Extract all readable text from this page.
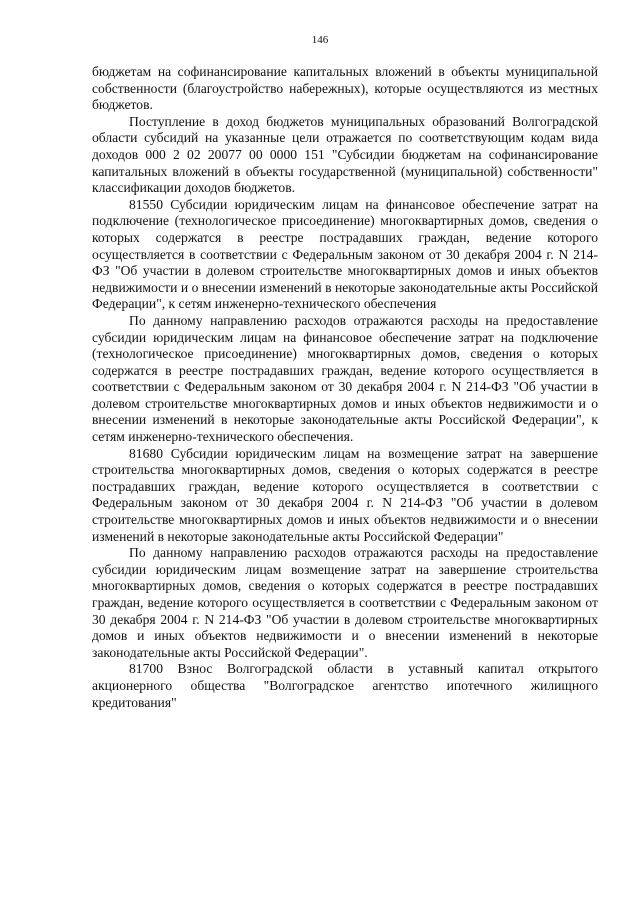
146

бюджетам на софинансирование капитальных вложений в объекты муниципальной собственности (благоустройство набережных), которые осуществляются из местных бюджетов.

Поступление в доход бюджетов муниципальных образований Волгоградской области субсидий на указанные цели отражается по соответствующим кодам вида доходов 000 2 02 20077 00 0000 151 "Субсидии бюджетам на софинансирование капитальных вложений в объекты государственной (муниципальной) собственности" классификации доходов бюджетов.

81550 Субсидии юридическим лицам на финансовое обеспечение затрат на подключение (технологическое присоединение) многоквартирных домов, сведения о которых содержатся в реестре пострадавших граждан, ведение которого осуществляется в соответствии с Федеральным законом от 30 декабря 2004 г. N 214-ФЗ "Об участии в долевом строительстве многоквартирных домов и иных объектов недвижимости и о внесении изменений в некоторые законодательные акты Российской Федерации", к сетям инженерно-технического обеспечения

По данному направлению расходов отражаются расходы на предоставление субсидии юридическим лицам на финансовое обеспечение затрат на подключение (технологическое присоединение) многоквартирных домов, сведения о которых содержатся в реестре пострадавших граждан, ведение которого осуществляется в соответствии с Федеральным законом от 30 декабря 2004 г. N 214-ФЗ "Об участии в долевом строительстве многоквартирных домов и иных объектов недвижимости и о внесении изменений в некоторые законодательные акты Российской Федерации", к сетям инженерно-технического обеспечения.

81680 Субсидии юридическим лицам на возмещение затрат на завершение строительства многоквартирных домов, сведения о которых содержатся в реестре пострадавших граждан, ведение которого осуществляется в соответствии с Федеральным законом от 30 декабря 2004 г. N 214-ФЗ "Об участии в долевом строительстве многоквартирных домов и иных объектов недвижимости и о внесении изменений в некоторые законодательные акты Российской Федерации"

По данному направлению расходов отражаются расходы на предоставление субсидии юридическим лицам возмещение затрат на завершение строительства многоквартирных домов, сведения о которых содержатся в реестре пострадавших граждан, ведение которого осуществляется в соответствии с Федеральным законом от 30 декабря 2004 г. N 214-ФЗ "Об участии в долевом строительстве многоквартирных домов и иных объектов недвижимости и о внесении изменений в некоторые законодательные акты Российской Федерации".

81700 Взнос Волгоградской области в уставный капитал открытого акционерного общества "Волгоградское агентство ипотечного жилищного кредитования"
